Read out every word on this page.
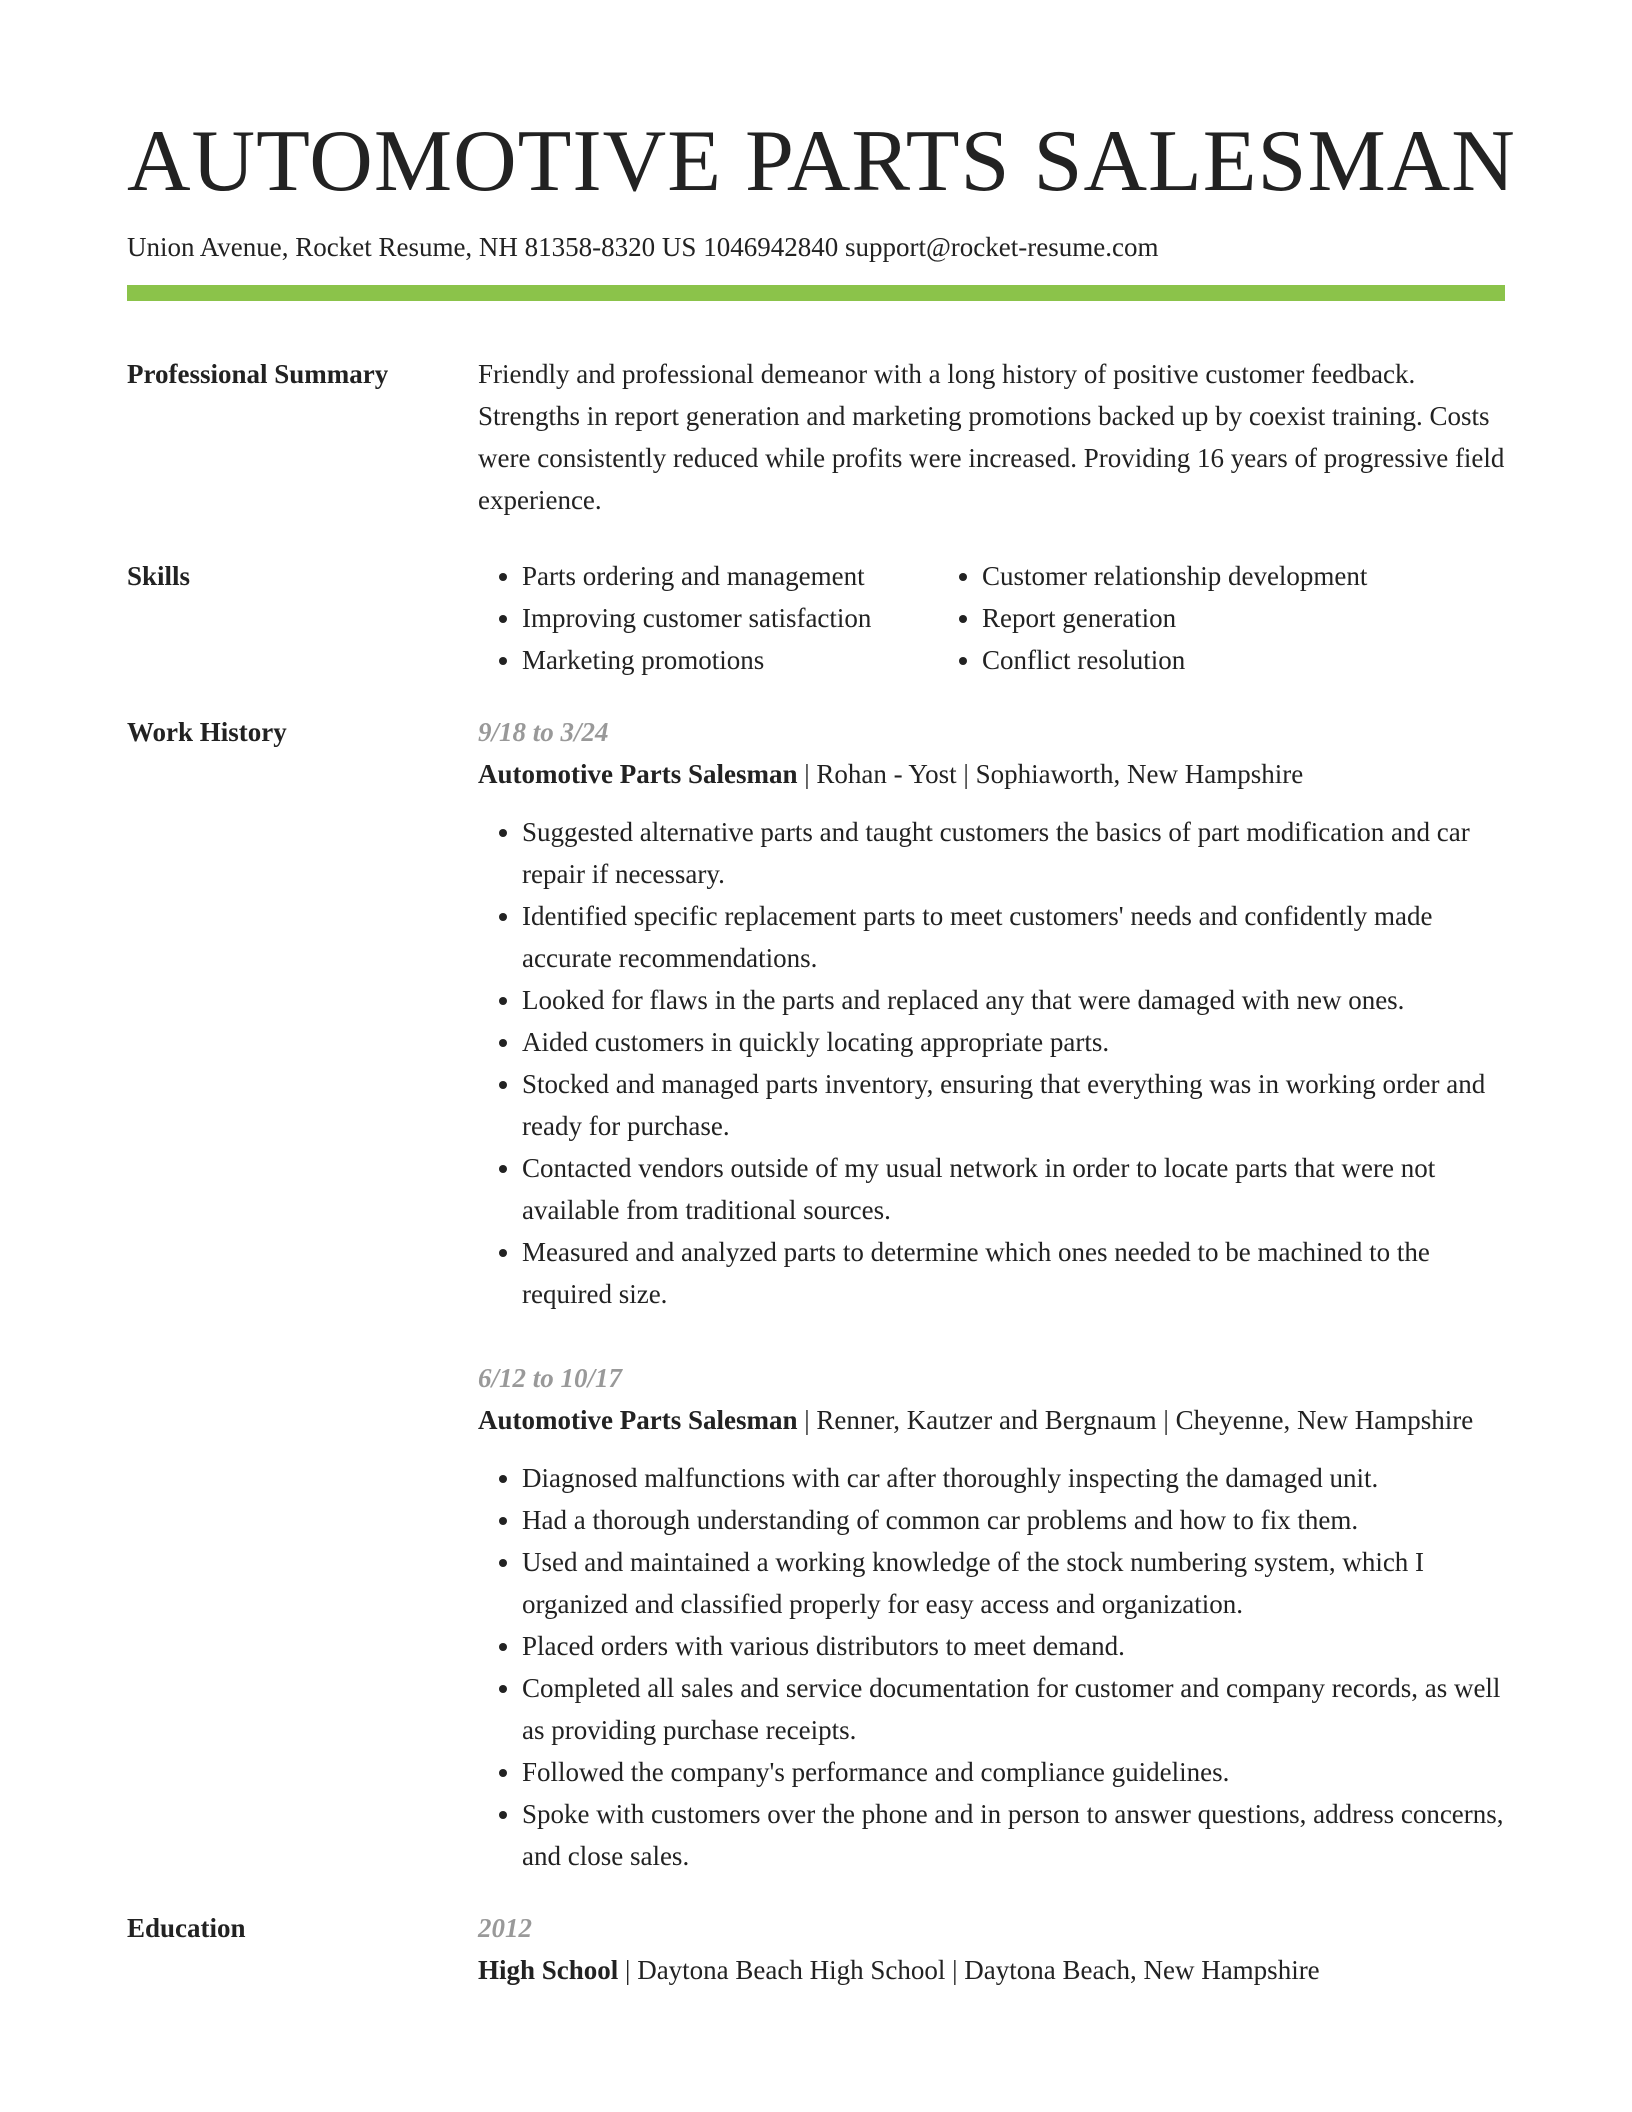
AUTOMOTIVE PARTS SALESMAN
Union Avenue, Rocket Resume, NH 81358-8320 US 1046942840 support@rocket-resume.com
Professional Summary	Friendly and professional demeanor with a long history of positive customer feedback. Strengths in report generation and marketing promotions backed up by coexist training. Costs were consistently reduced while profits were increased. Providing 16 years of progressive field experience.

Skills
•	Parts ordering and management
• Improving customer satisfaction
• Marketing promotions
• Customer relationship development
• Report generation
• Conflict resolution
Work History	9/18 to 3/24
Automotive Parts Salesman | Rohan - Yost | Sophiaworth, New Hampshire
• Suggested alternative parts and taught customers the basics of part modification and car repair if necessary.
• Identified specific replacement parts to meet customers' needs and confidently made accurate recommendations.
• Looked for flaws in the parts and replaced any that were damaged with new ones.
• Aided customers in quickly locating appropriate parts.
• Stocked and managed parts inventory, ensuring that everything was in working order and ready for purchase.
• Contacted vendors outside of my usual network in order to locate parts that were not available from traditional sources.
• Measured and analyzed parts to determine which ones needed to be machined to the required size.
6/12 to 10/17
Automotive Parts Salesman | Renner, Kautzer and Bergnaum | Cheyenne, New Hampshire
• Diagnosed malfunctions with car after thoroughly inspecting the damaged unit.
• Had a thorough understanding of common car problems and how to fix them.
• Used and maintained a working knowledge of the stock numbering system, which I organized and classified properly for easy access and organization.
• Placed orders with various distributors to meet demand.
• Completed all sales and service documentation for customer and company records, as well as providing purchase receipts.
• Followed the company's performance and compliance guidelines.
• Spoke with customers over the phone and in person to answer questions, address concerns, and close sales.
Education	2012
High School | Daytona Beach High School | Daytona Beach, New Hampshire
